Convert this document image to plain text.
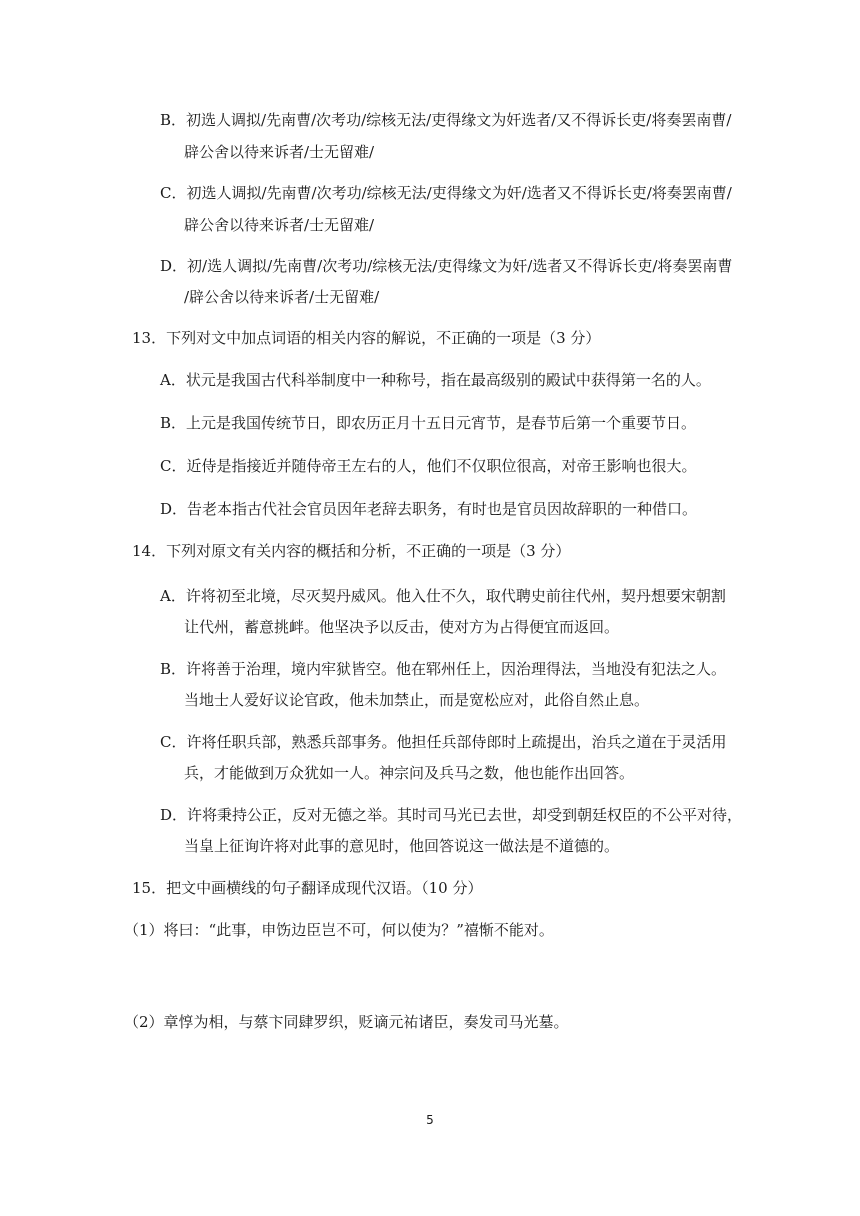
B．初选人调拟/先南曹/次考功/综核无法/吏得缘文为奸选者/又不得诉长吏/将奏罢南曹/
辟公舍以待来诉者/士无留难/
C．初选人调拟/先南曹/次考功/综核无法/吏得缘文为奸/选者又不得诉长吏/将奏罢南曹/
辟公舍以待来诉者/士无留难/
D．初/选人调拟/先南曹/次考功/综核无法/吏得缘文为奸/选者又不得诉长吏/将奏罢南曹
/辟公舍以待来诉者/士无留难/
13．下列对文中加点词语的相关内容的解说，不正确的一项是（3 分）
A．状元是我国古代科举制度中一种称号，指在最高级别的殿试中获得第一名的人。
B．上元是我国传统节日，即农历正月十五日元宵节，是春节后第一个重要节日。
C．近侍是指接近并随侍帝王左右的人，他们不仅职位很高，对帝王影响也很大。
D．告老本指古代社会官员因年老辞去职务，有时也是官员因故辞职的一种借口。
14．下列对原文有关内容的概括和分析，不正确的一项是（3 分）
A．许将初至北境，尽灭契丹威风。他入仕不久，取代聘史前往代州，契丹想要宋朝割
让代州，蓄意挑衅。他坚决予以反击，使对方为占得便宜而返回。
B．许将善于治理，境内牢狱皆空。他在郓州任上，因治理得法，当地没有犯法之人。
当地士人爱好议论官政，他未加禁止，而是宽松应对，此俗自然止息。
C．许将任职兵部，熟悉兵部事务。他担任兵部侍郎时上疏提出，治兵之道在于灵活用
兵，才能做到万众犹如一人。神宗问及兵马之数，他也能作出回答。
D．许将秉持公正，反对无德之举。其时司马光已去世，却受到朝廷权臣的不公平对待，
当皇上征询许将对此事的意见时，他回答说这一做法是不道德的。
15．把文中画横线的句子翻译成现代汉语。（10 分）
（1）将曰：“此事，申饬边臣岂不可，何以使为？”禧惭不能对。
（2）章惇为相，与蔡卞同肆罗织，贬谪元祐诸臣，奏发司马光墓。
5
